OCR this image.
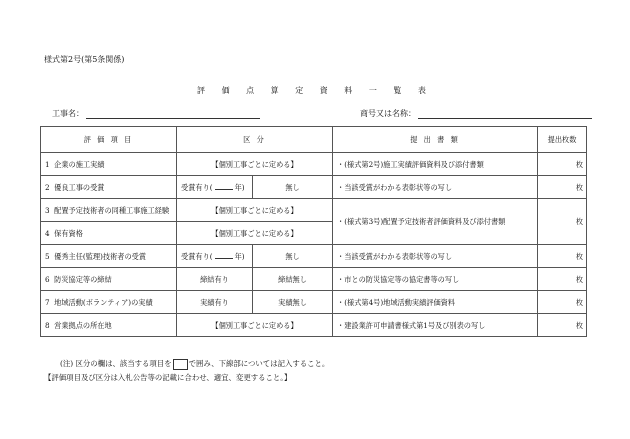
様式第2号(第5条関係)
評 価 点 算 定 資 料 一 覧 表
工事名：	商号又は名称：
評 価 項 目	区 分		提 出 書 類	提出枚数
1 企業の施工実績	【個別工事ごとに定める】		・(様式第2号)施工実績評価資料及び添付書類	枚
2 優良工事の受賞	受賞有り( 年)	無し	・当該受賞がわかる表彰状等の写し	枚
3 配置予定技術者の同種工事施工経験	【個別工事ごとに定める】		・(様式第3号)配置予定技術者評価資料及び添付書類	枚
4 保有資格	【個別工事ごとに定める】			
5 優秀主任(監理)技術者の受賞	受賞有り( 年)	無し	・当該受賞がわかる表彰状等の写し	枚
6 防災協定等の締結	締結有り	締結無し	・市との防災協定等の協定書等の写し	枚
7 地域活動(ボランティア)の実績	実績有り	実績無し	・(様式第4号)地域活動実績評価資料	枚
8 営業拠点の所在地	【個別工事ごとに定める】		・建設業許可申請書様式第1号及び別表の写し	枚
(注) 区分の欄は、該当する項目を で囲み、下線部については記入すること。
【評価項目及び区分は入札公告等の記載に合わせ、適宜、変更すること。】
